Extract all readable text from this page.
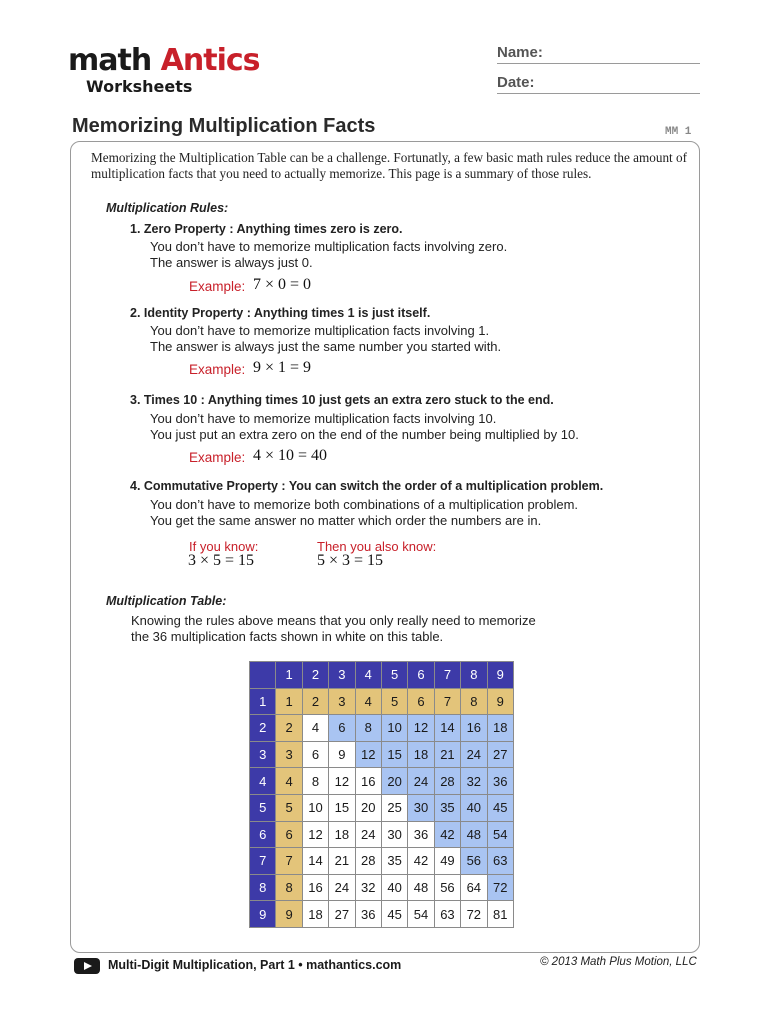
math Antics
Worksheets
Name:
Date:
Memorizing Multiplication Facts	MM 1
Memorizing the Multiplication Table can be a challenge. Fortunatly, a few basic math rules reduce the amount of multiplication facts that you need to actually memorize. This page is a summary of those rules.
Multiplication Rules:
1. Zero Property : Anything times zero is zero.
You don’t have to memorize multiplication facts involving zero.
The answer is always just 0.
Example: 7 × 0 = 0
2. Identity Property : Anything times 1 is just itself.
You don’t have to memorize multiplication facts involving 1.
The answer is always just the same number you started with.
Example: 9 × 1 = 9
3. Times 10 : Anything times 10 just gets an extra zero stuck to the end.
You don’t have to memorize multiplication facts involving 10.
You just put an extra zero on the end of the number being multiplied by 10.
Example: 4 × 10 = 40
4. Commutative Property : You can switch the order of a multiplication problem.
You don’t have to memorize both combinations of a multiplication problem.
You get the same answer no matter which order the numbers are in.
If you know:
3 × 5 = 15
Then you also know:
5 × 3 = 15
Multiplication Table:
Knowing the rules above means that you only really need to memorize
the 36 multiplication facts shown in white on this table.
	1	2	3	4	5	6	7	8	9
1	1	2	3	4	5	6	7	8	9
2	2	4	6	8	10	12	14	16	18
3	3	6	9	12	15	18	21	24	27
4	4	8	12	16	20	24	28	32	36
5	5	10	15	20	25	30	35	40	45
6	6	12	18	24	30	36	42	48	54
7	7	14	21	28	35	42	49	56	63
8	8	16	24	32	40	48	56	64	72
9	9	18	27	36	45	54	63	72	81
Multi-Digit Multiplication, Part 1 • mathantics.com	© 2013 Math Plus Motion, LLC
